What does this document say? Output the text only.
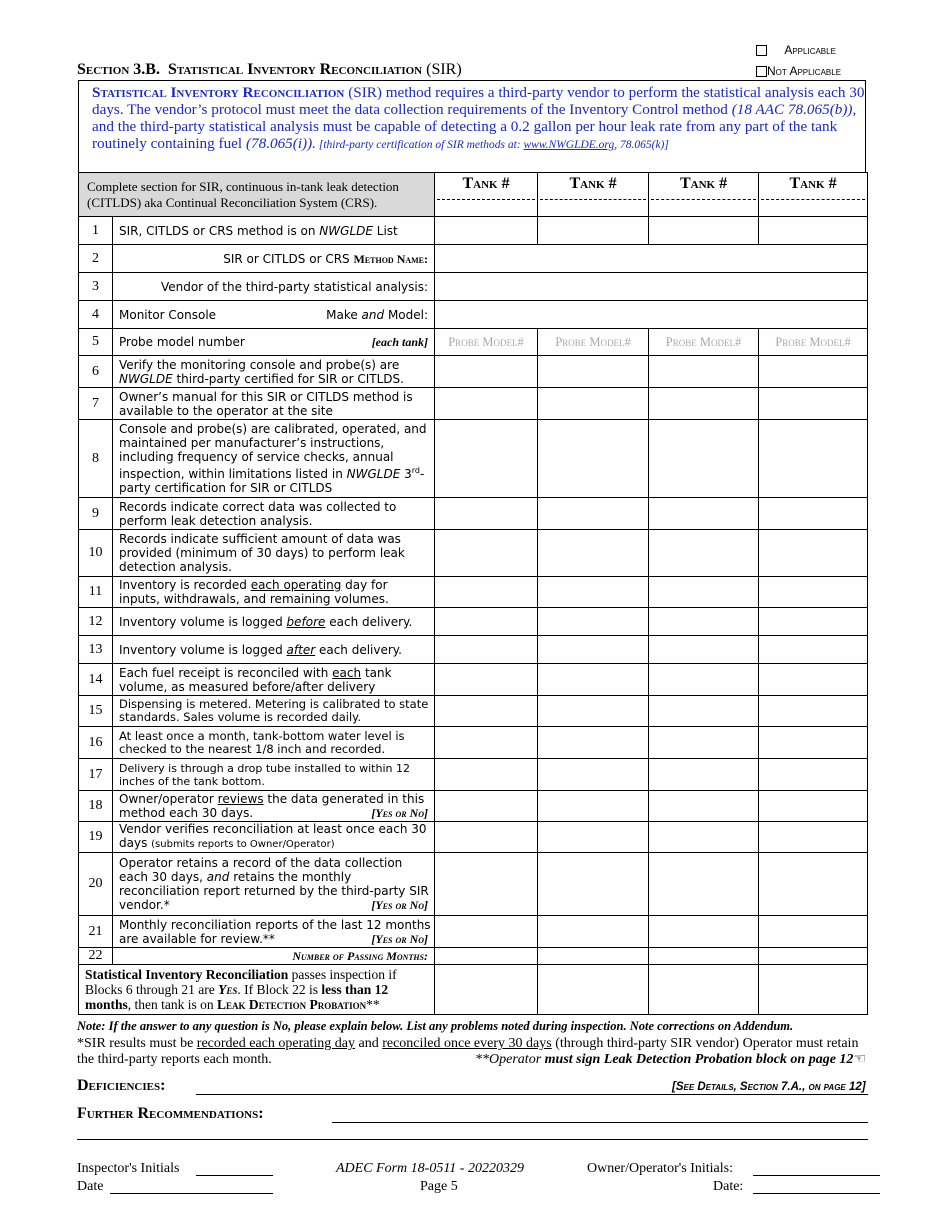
Applicable
Not Applicable
Section 3.B. Statistical Inventory Reconciliation (SIR)
Statistical Inventory Reconciliation (SIR) method requires a third-party vendor to perform the statistical analysis each 30 days. The vendor’s protocol must meet the data collection requirements of the Inventory Control method (18 AAC 78.065(b)), and the third-party statistical analysis must be capable of detecting a 0.2 gallon per hour leak rate from any part of the tank routinely containing fuel (78.065(i)). [third-party certification of SIR methods at: www.NWGLDE.org, 78.065(k)]
Complete section for SIR, continuous in-tank leak detection (CITLDS) aka Continual Reconciliation System (CRS).		Tank #	Tank #	Tank #	Tank #

1	SIR, CITLDS or CRS method is on NWGLDE List				
2	SIR or CITLDS or CRS Method Name:				
3	Vendor of the third-party statistical analysis:				
4	Monitor Console Make and Model:				

5	Probe model number [each tank]	Probe Model#	Probe Model#	Probe Model#	Probe Model#
6	Verify the monitoring console and probe(s) are NWGLDE third-party certified for SIR or CITLDS.				
7	Owner’s manual for this SIR or CITLDS method is available to the operator at the site				
8	Console and probe(s) are calibrated, operated, and maintained per manufacturer’s instructions, including frequency of service checks, annual inspection, within limitations listed in NWGLDE 3rd-party certification for SIR or CITLDS				
9	Records indicate correct data was collected to perform leak detection analysis.				
10	Records indicate sufficient amount of data was provided (minimum of 30 days) to perform leak detection analysis.				
11	Inventory is recorded each operating day for inputs, withdrawals, and remaining volumes.				
12	Inventory volume is logged before each delivery.				
13	Inventory volume is logged after each delivery.				
14	Each fuel receipt is reconciled with each tank volume, as measured before/after delivery				
15	Dispensing is metered. Metering is calibrated to state standards. Sales volume is recorded daily.				
16	At least once a month, tank-bottom water level is checked to the nearest 1/8 inch and recorded.				
17	Delivery is through a drop tube installed to within 12 inches of the tank bottom.				
18	Owner/operator reviews the data generated in this method each 30 days. [Yes or No]				

19	Vendor verifies reconciliation at least once each 30 days (submits reports to Owner/Operator)				
20	Operator retains a record of the data collection each 30 days, and retains the monthly reconciliation report returned by the third-party SIR vendor.* [Yes or No]				

21	Monthly reconciliation reports of the last 12 months are available for review.** [Yes or No]				

22	Number of Passing Months:				
Statistical Inventory Reconciliation passes inspection if Blocks 6 through 21 are Yes. If Block 22 is less than 12 months, then tank is on Leak Detection Probation**					
Note: If the answer to any question is No, please explain below. List any problems noted during inspection. Note corrections on Addendum.
*SIR results must be recorded each operating day and reconciled once every 30 days (through third-party SIR vendor) Operator must retain the third-party reports each month.	**Operator must sign Leak Detection Probation block on page 12☜
Deficiencies:	[See Details, Section 7.A., on page 12]
Further Recommendations:
Inspector's Initials
Date
ADEC Form 18-0511 - 20220329
Page 5
Owner/Operator's Initials:
Date:
